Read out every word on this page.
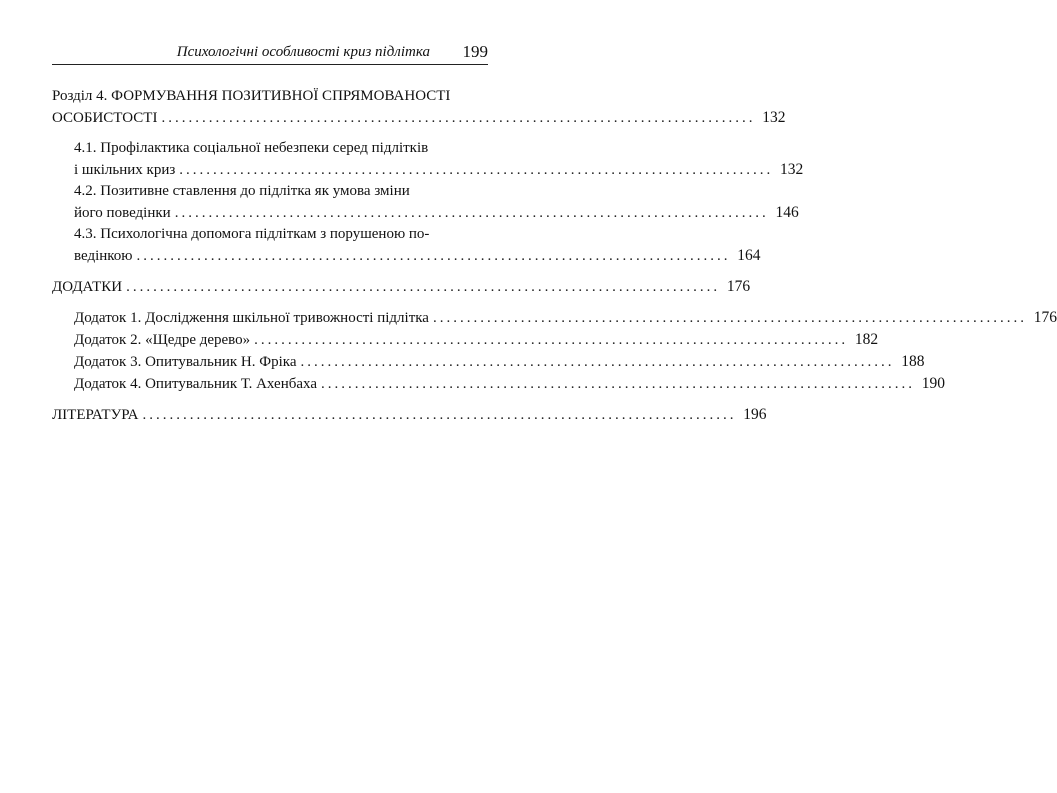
Психологічні особливості криз підлітка 199
Розділ 4. ФОРМУВАННЯ ПОЗИТИВНОЇ СПРЯМОВАНОСТІ
ОСОБИСТОСТІ ........................................................................................ 132
4.1. Профілактика соціальної небезпеки серед підлітків
і шкільних криз ........................................................................................ 132
4.2. Позитивне ставлення до підлітка як умова зміни
його поведінки ........................................................................................ 146
4.3. Психологічна допомога підліткам з порушеною по-
ведінкою ........................................................................................ 164
ДОДАТКИ ........................................................................................ 176
Додаток 1. Дослідження шкільної тривожності підлітка ........................................................................................ 176
Додаток 2. «Щедре дерево» ........................................................................................ 182
Додаток 3. Опитувальник Н. Фріка ........................................................................................ 188
Додаток 4. Опитувальник Т. Ахенбаха ........................................................................................ 190
ЛІТЕРАТУРА ........................................................................................ 196
